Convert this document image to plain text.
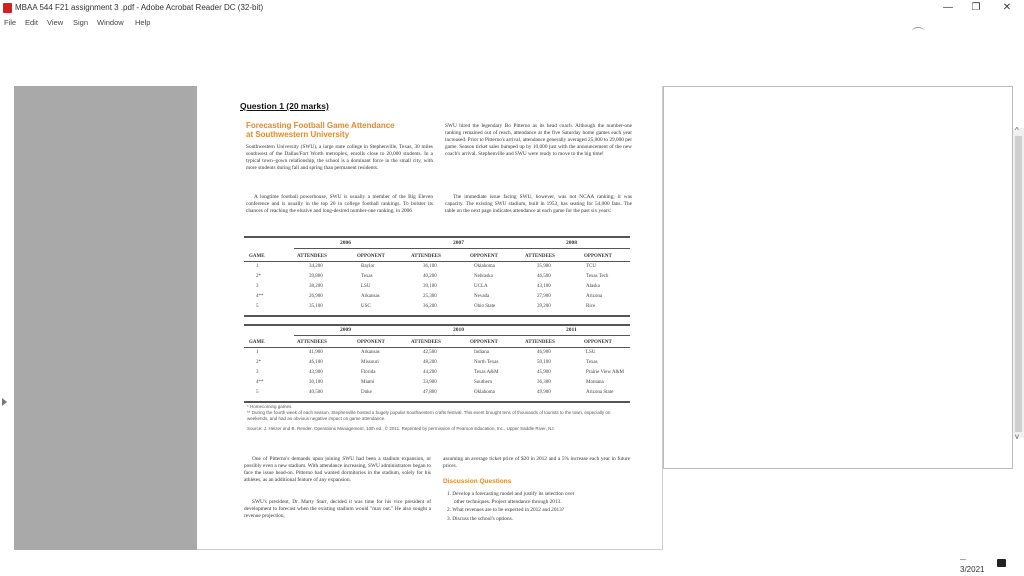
MBAA 544 F21 assignment 3 .pdf - Adobe Acrobat Reader DC (32-bit)	—	❐	✕
File Edit View Sign Window Help
^
v
Question 1 (20 marks)
Forecasting Football Game Attendance
at Southwestern University
Southwestern University (SWU), a large state college in Stephenville, Texas, 30 miles southwest of the Dallas/Fort Worth metroplex, enrolls close to 20,000 students. In a typical town–gown relationship, the school is a dominant force in the small city, with more students during fall and spring than permanent residents.
A longtime football powerhouse, SWU is usually a member of the Big Eleven conference and is usually in the top 20 in college football rankings. To bolster its chances of reaching the elusive and long-desired number-one ranking, in 2006
SWU hired the legendary Bo Pitterno as its head coach. Although the number-one ranking remained out of reach, attendance at the five Saturday home games each year increased. Prior to Pitterno's arrival, attendance generally averaged 25,000 to 29,000 per game. Season ticket sales bumped up by 10,000 just with the announcement of the new coach's arrival. Stephenville and SWU were ready to move to the big time!
The immediate issue facing SWU, however, was not NCAA ranking; it was capacity. The existing SWU stadium, built in 1953, has seating for 54,000 fans. The table on the next page indicates attendance at each game for the past six years:
2006	2007	2008
GAME	ATTENDEES	OPPONENT	ATTENDEES	OPPONENT	ATTENDEES	OPPONENT
1	34,200	Baylor	36,100	Oklahoma	35,900	TCU
2*	39,800	Texas	40,200	Nebraska	46,500	Texas Tech
3	38,200	LSU	39,100	UCLA	43,100	Alaska
4**	26,900	Arkansas	25,300	Nevada	27,900	Arizona
5	35,100	USC	36,200	Ohio State	39,200	Rice
2009	2010	2011
GAME	ATTENDEES	OPPONENT	ATTENDEES	OPPONENT	ATTENDEES	OPPONENT
1	41,900	Arkansas	42,500	Indiana	46,900	LSU
2*	46,100	Missouri	48,200	North Texas	50,100	Texas
3	43,900	Florida	44,200	Texas A&M	45,900	Prairie View A&M
4**	30,100	Miami	33,900	Southern	36,300	Montana
5	40,500	Duke	47,800	Oklahoma	49,900	Arizona State
* Homecoming games.
** During the fourth week of each season, Stephenville hosted a hugely popular Southwestern crafts festival. This event brought tens of thousands of tourists to the town, especially on weekends, and had an obvious negative impact on game attendance.
Source: J. Heizer and B. Render. Operations Management, 10th ed., © 2011. Reprinted by permission of Pearson Education, Inc., Upper Saddle River, NJ.
One of Pitterno's demands upon joining SWU had been a stadium expansion, or possibly even a new stadium. With attendance increasing, SWU administrators began to face the issue head-on. Pitterno had wanted dormitories in the stadium, solely for his athletes, as an additional feature of any expansion.
SWU's president, Dr. Marty Starr, decided it was time for his vice president of development to forecast when the existing stadium would "max out." He also sought a revenue projection,
assuming an average ticket price of $20 in 2012 and a 5% increase each year in future prices.
Discussion Questions
1. Develop a forecasting model and justify its selection over
other techniques. Project attendance through 2013.
2. What revenues are to be expected in 2012 and 2013?
3. Discuss the school's options.
—
3/2021
